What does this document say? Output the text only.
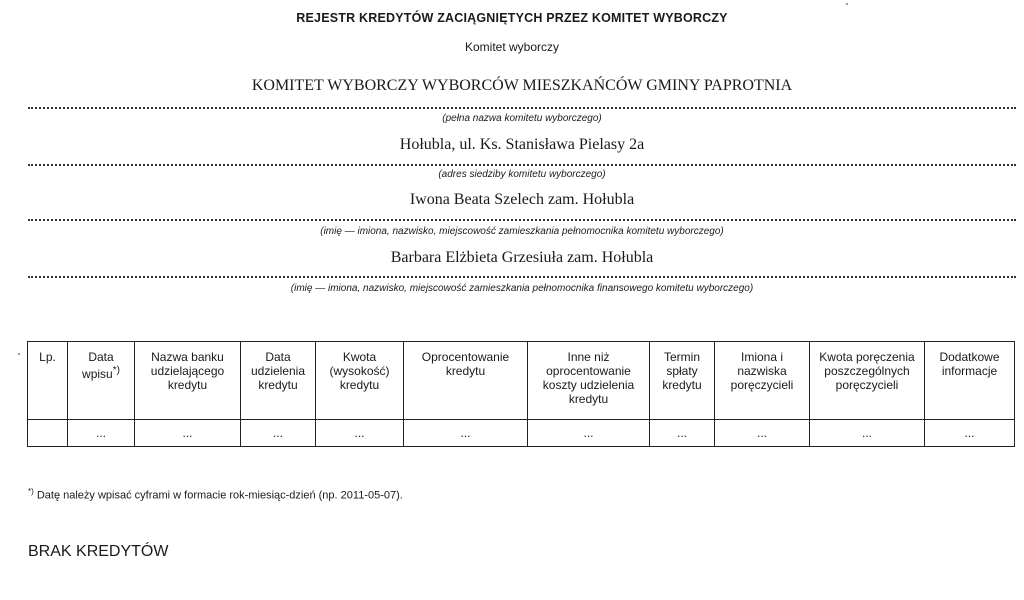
REJESTR KREDYTÓW ZACIĄGNIĘTYCH PRZEZ KOMITET WYBORCZY
Komitet wyborczy
KOMITET WYBORCZY WYBORCÓW MIESZKAŃCÓW GMINY PAPROTNIA
(pełna nazwa komitetu wyborczego)
Hołubla, ul. Ks. Stanisława Pielasy 2a
(adres siedziby komitetu wyborczego)
Iwona Beata Szelech zam. Hołubla
(imię — imiona, nazwisko, miejscowość zamieszkania pełnomocnika komitetu wyborczego)
Barbara Elżbieta Grzesiuła zam. Hołubla
(imię — imiona, nazwisko, miejscowość zamieszkania pełnomocnika finansowego komitetu wyborczego)
Lp.	Data wpisu*)	Nazwa banku udzielającego kredytu	Data udzielenia kredytu	Kwota (wysokość) kredytu	Oprocentowanie kredytu	Inne niż oprocentowanie koszty udzielenia kredytu	Termin spłaty kredytu	Imiona i nazwiska poręczycieli	Kwota poręczenia poszczególnych poręczycieli	Dodatkowe informacje
	...	...	...	...	...	...	...	...	...	...
*) Datę należy wpisać cyframi w formacie rok-miesiąc-dzień (np. 2011-05-07).
BRAK KREDYTÓW
